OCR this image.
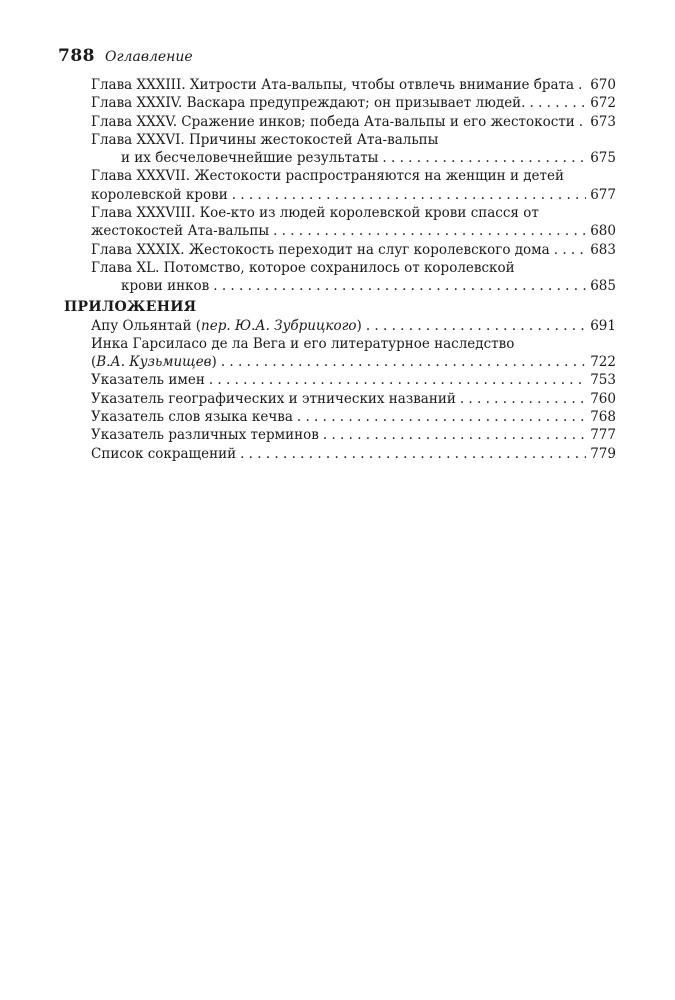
788 Оглавление
Глава XXXIII. Хитрости Ата-вальпы, чтобы отвлечь внимание брата . . . 670
Глава XXXIV. Васкара предупреждают; он призывает людей. . . .	672
Глава XXXV. Сражение инков; победа Ата-вальпы и его жестокости . . . 673
Глава XXXVI. Причины жестокостей Ата-вальпы
и их бесчеловечнейшие результаты . . .	675
Глава XXXVII. Жестокости распространяются на женщин и детей
королевской крови . . .	677
Глава XXXVIII. Кое-кто из людей королевской крови спасся от
жестокостей Ата-вальпы . . .	680
Глава XXXIX. Жестокость переходит на слуг королевского дома . . .	683
Глава XL. Потомство, которое сохранилось от королевской
крови инков . . .	685
ПРИЛОЖЕНИЯ
Апу Ольянтай (пер. Ю.А. Зубрицкого) . . .	691
Инка Гарсиласо де ла Вега и его литературное наследство
(В.А. Кузьмищев) . . .	722
Указатель имен . . .	753
Указатель географических и этнических названий . . .	760
Указатель слов языка кечва . . .	768
Указатель различных терминов . . .	777
Список сокращений . . .	779
